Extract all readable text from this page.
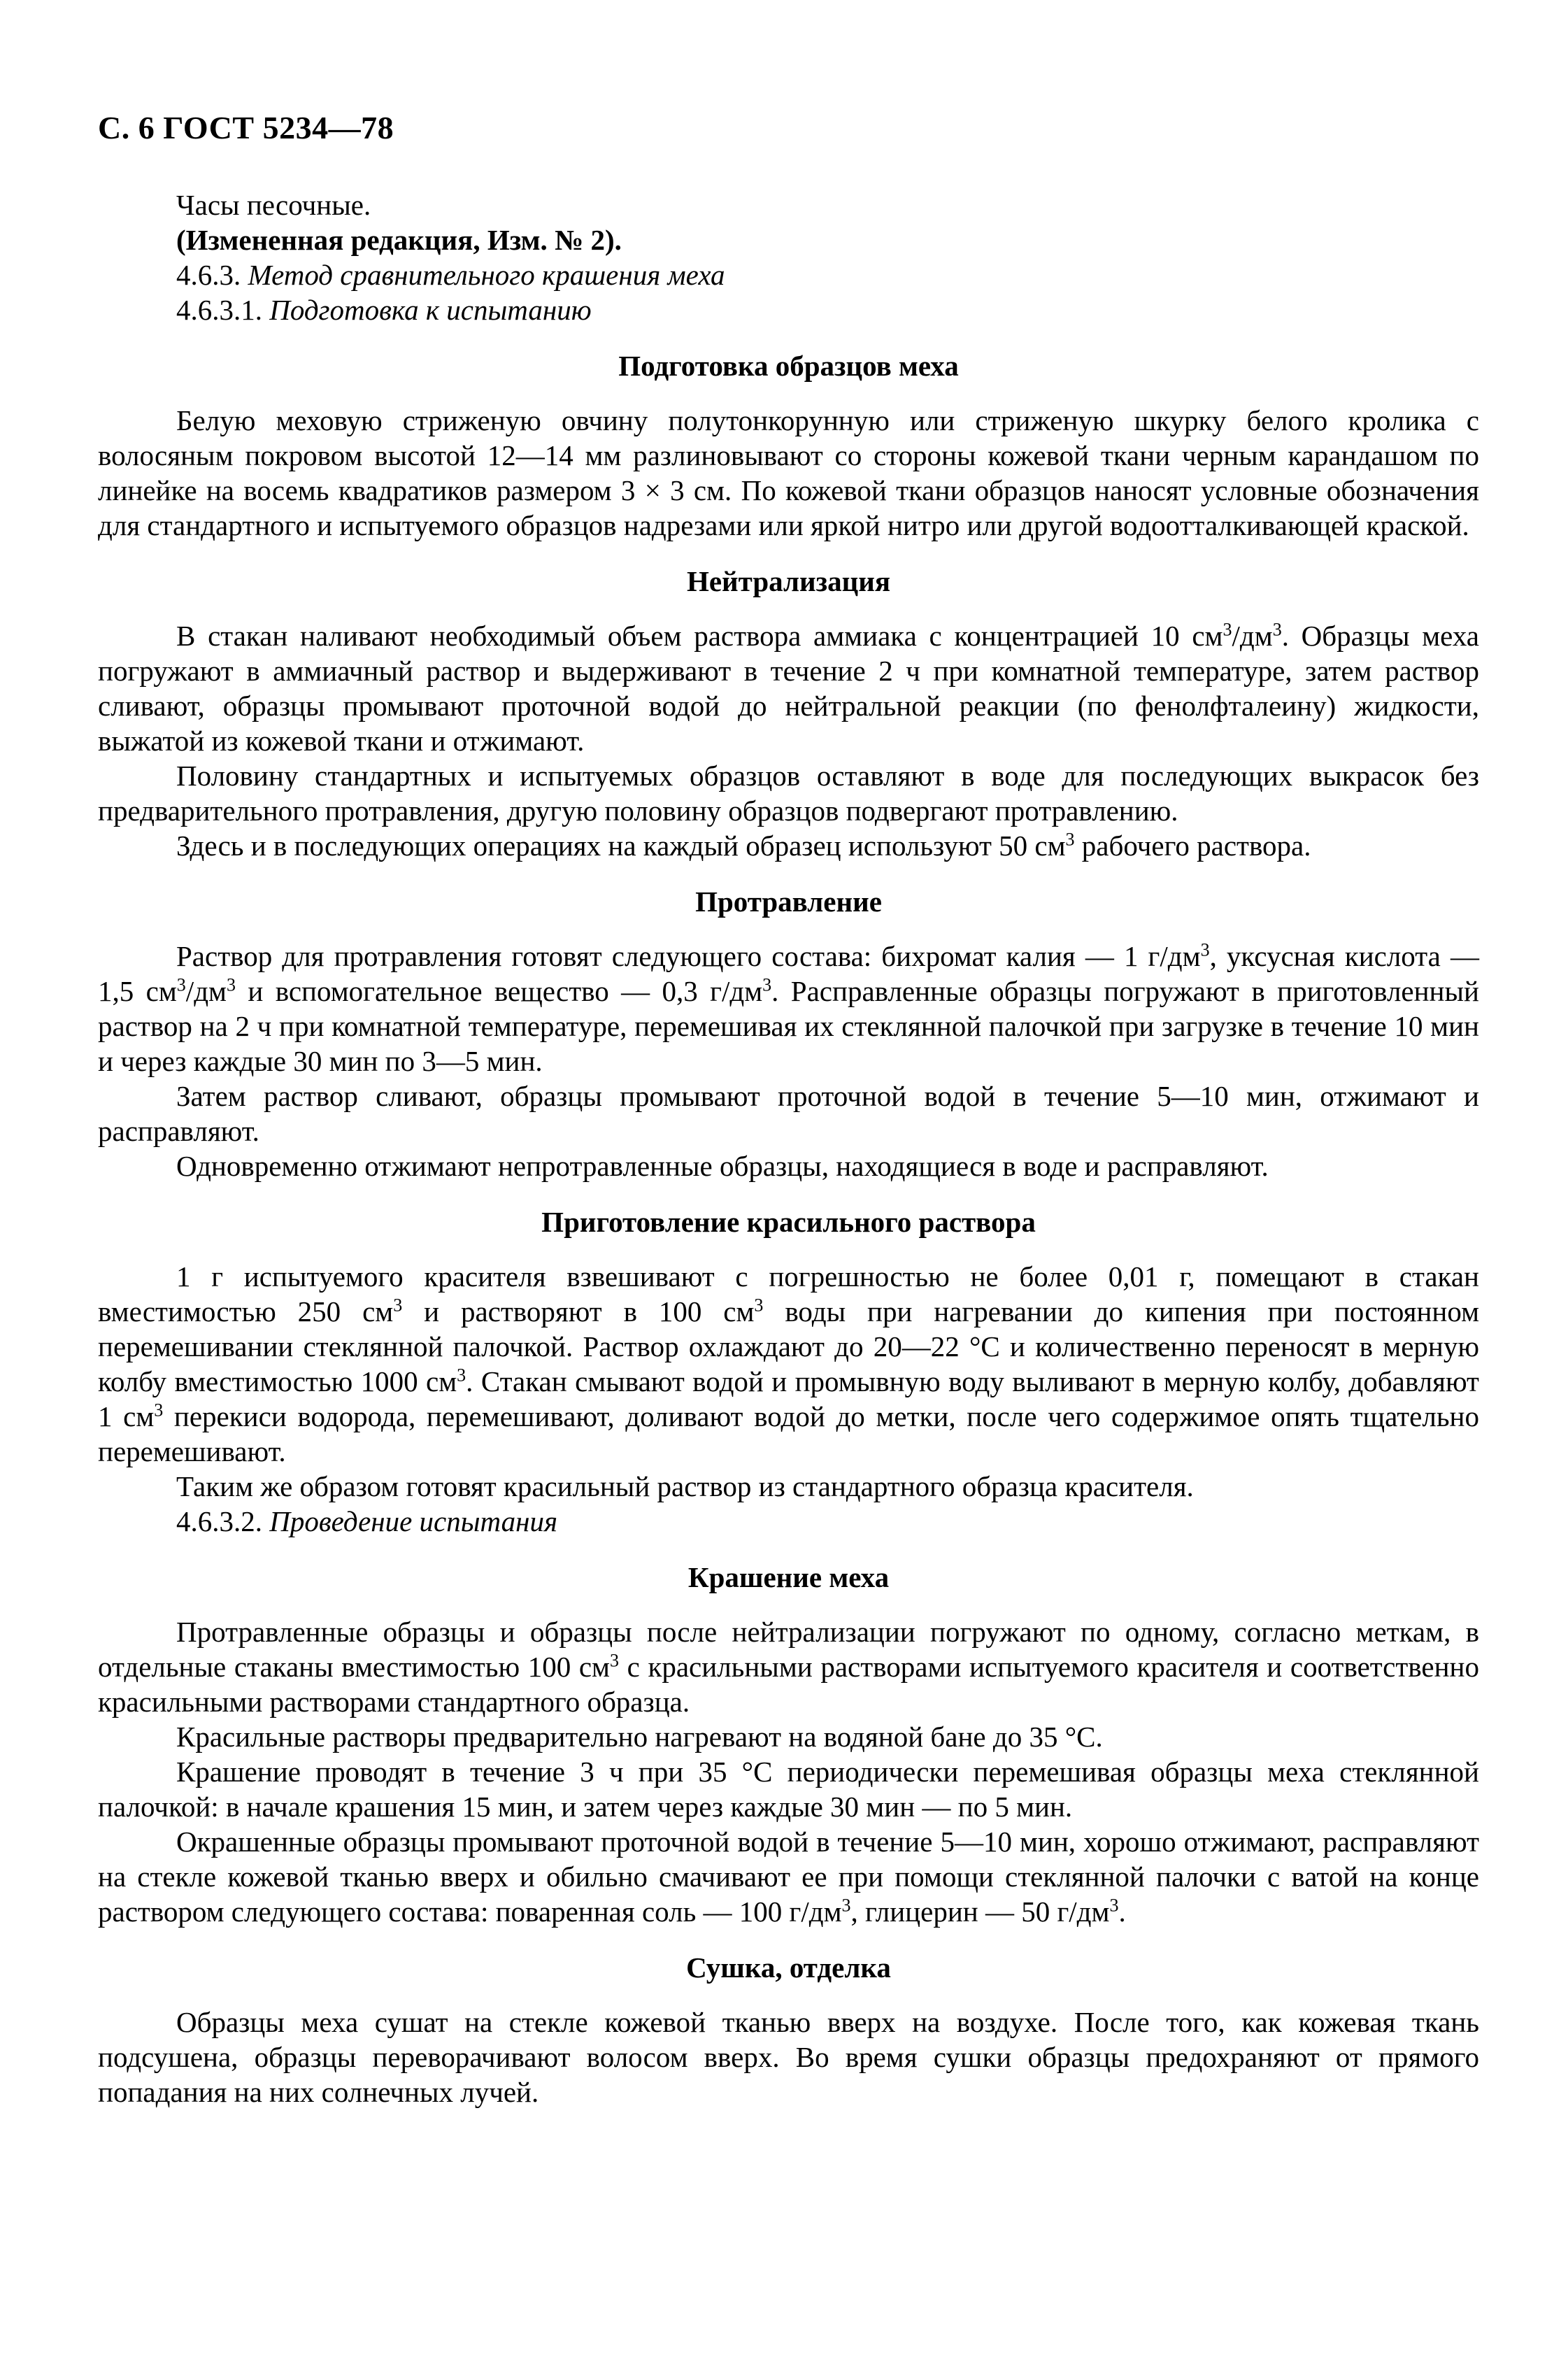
С. 6 ГОСТ 5234—78
Часы песочные.
(Измененная редакция, Изм. № 2).
4.6.3. Метод сравнительного крашения меха
4.6.3.1. Подготовка к испытанию
Подготовка образцов меха

Белую меховую стриженую овчину полутонкорунную или стриженую шкурку белого кролика с волосяным покровом высотой 12—14 мм разлиновывают со стороны кожевой ткани черным карандашом по линейке на восемь квадратиков размером 3 × 3 см. По кожевой ткани образцов наносят условные обозначения для стандартного и испытуемого образцов надрезами или яркой нитро или другой водоотталкивающей краской.

Нейтрализация

В стакан наливают необходимый объем раствора аммиака с концентрацией 10 $см^3/дм^3$. Образцы меха погружают в аммиачный раствор и выдерживают в течение 2 ч при комнатной температуре, затем раствор сливают, образцы промывают проточной водой до нейтральной реакции (по фенолфталеину) жидкости, выжатой из кожевой ткани и отжимают.

Половину стандартных и испытуемых образцов оставляют в воде для последующих выкрасок без предварительного протравления, другую половину образцов подвергают протравлению.

Здесь и в последующих операциях на каждый образец используют 50 $см^3$ рабочего раствора.

Протравление

Раствор для протравления готовят следующего состава: бихромат калия — 1 $г/дм^3$, уксусная кислота — 1,5 $см^3/дм^3$ и вспомогательное вещество — 0,3 $г/дм^3$. Расправленные образцы погружают в приготовленный раствор на 2 ч при комнатной температуре, перемешивая их стеклянной палочкой при загрузке в течение 10 мин и через каждые 30 мин по 3—5 мин.

Затем раствор сливают, образцы промывают проточной водой в течение 5—10 мин, отжимают и расправляют.

Одновременно отжимают непротравленные образцы, находящиеся в воде и расправляют.

Приготовление красильного раствора

1 г испытуемого красителя взвешивают с погрешностью не более 0,01 г, помещают в стакан вместимостью 250 $см^3$ и растворяют в 100 $см^3$ воды при нагревании до кипения при постоянном перемешивании стеклянной палочкой. Раствор охлаждают до 20—22 °С и количественно переносят в мерную колбу вместимостью 1000 $см^3$. Стакан смывают водой и промывную воду выливают в мерную колбу, добавляют 1 $см^3$ перекиси водорода, перемешивают, доливают водой до метки, после чего содержимое опять тщательно перемешивают.

Таким же образом готовят красильный раствор из стандартного образца красителя.

4.6.3.2. Проведение испытания
Крашение меха

Протравленные образцы и образцы после нейтрализации погружают по одному, согласно меткам, в отдельные стаканы вместимостью 100 $см^3$ с красильными растворами испытуемого красителя и соответственно красильными растворами стандартного образца.

Красильные растворы предварительно нагревают на водяной бане до 35 °С.

Крашение проводят в течение 3 ч при 35 °С периодически перемешивая образцы меха стеклянной палочкой: в начале крашения 15 мин, и затем через каждые 30 мин — по 5 мин.

Окрашенные образцы промывают проточной водой в течение 5—10 мин, хорошо отжимают, расправляют на стекле кожевой тканью вверх и обильно смачивают ее при помощи стеклянной палочки с ватой на конце раствором следующего состава: поваренная соль — 100 $г/дм^3$, глицерин — 50 $г/дм^3$.

Сушка, отделка

Образцы меха сушат на стекле кожевой тканью вверх на воздухе. После того, как кожевая ткань подсушена, образцы переворачивают волосом вверх. Во время сушки образцы предохраняют от прямого попадания на них солнечных лучей.
